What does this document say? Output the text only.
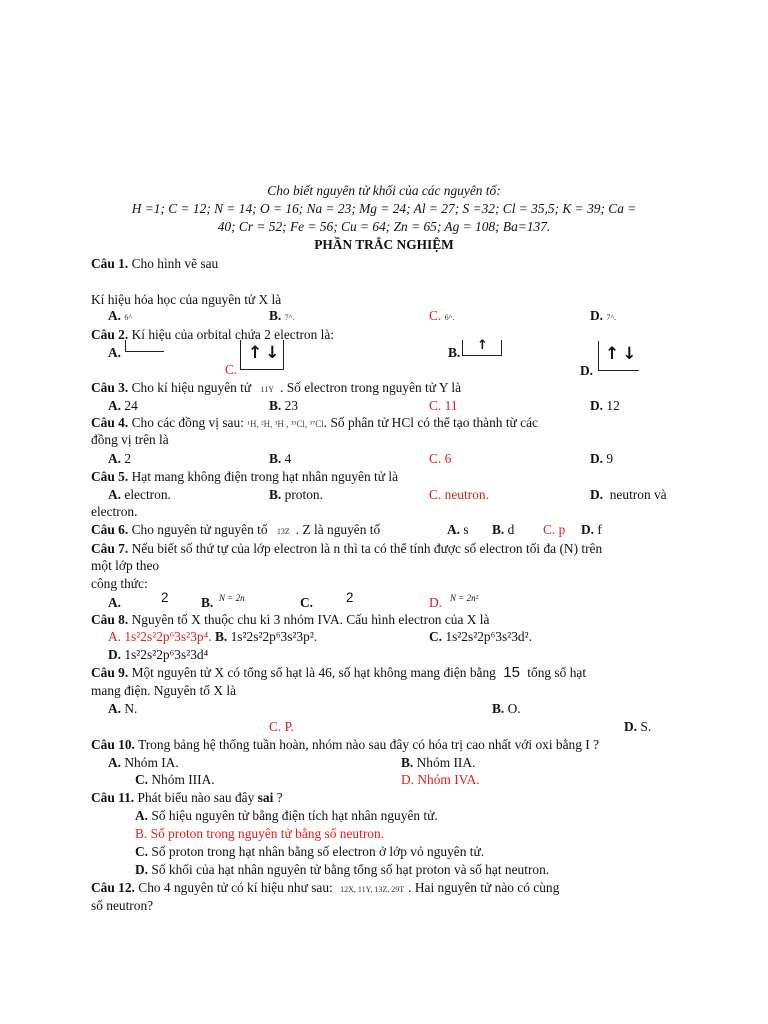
Cho biết nguyên tử khối của các nguyên tố:
H =1; C = 12; N = 14; O = 16; Na = 23; Mg = 24; Al = 27; S =32; Cl = 35,5; K = 39; Ca =
40; Cr = 52; Fe = 56; Cu = 64; Zn = 65; Ag = 108; Ba=137.
PHẦN TRẮC NGHIỆM
Câu 1. Cho hình vẽ sau
Kí hiệu hóa học của nguyên tử X là
A. 6^	B. 7^.	C. 6^.	D. 7^.
Câu 2. Kí hiệu của orbital chứa 2 electron là:
A.
C.
↑↓	B. ↑
D.
↑↓
Câu 3. Cho kí hiệu nguyên tử 11Y . Số electron trong nguyên tử Y là
A. 24	B. 23	C. 11	D. 12
Câu 4. Cho các đồng vị sau: ¹H, ²H, ³H , ³⁵Cl, ³⁷Cl. Số phân tử HCl có thể tạo thành từ các
đồng vị trên là
A. 2	B. 4	C. 6	D. 9
Câu 5. Hạt mang không điện trong hạt nhân nguyên tử là
A. electron.	B. proton.	C. neutron.	D. neutron và
electron.
Câu 6. Cho nguyên tử nguyên tố 13Z . Z là nguyên tố	A. s B. d C. p D. f
Câu 7. Nếu biết số thứ tự của lớp electron là n thì ta có thể tính được số electron tối đa (N) trên
một lớp theo
công thức:
A.	2 B. N = 2n	C. 2	D. N = 2n²
Câu 8. Nguyên tố X thuộc chu kì 3 nhóm IVA. Cấu hình electron của X là
A. 1s²2s²2p⁶3s²3p⁴. B. 1s²2s²2p⁶3s²3p².	C. 1s²2s²2p⁶3s²3d².
D. 1s²2s²2p⁶3s²3d⁴
Câu 9. Một nguyên tử X có tổng số hạt là 46, số hạt không mang điện bằng 15 tổng số hạt
mang điện. Nguyên tố X là
A. N.	B. O.
C. P.	D. S.
Câu 10. Trong bảng hệ thống tuần hoàn, nhóm nào sau đây có hóa trị cao nhất với oxi bằng I ?
A. Nhóm IA.	B. Nhóm IIA.
C. Nhóm IIIA.	D. Nhóm IVA.
Câu 11. Phát biểu nào sau đây sai ?
A. Số hiệu nguyên tử bằng điện tích hạt nhân nguyên tử.
B. Số proton trong nguyên tử bằng số neutron.
C. Số proton trong hạt nhân bằng số electron ở lớp vỏ nguyên tử.
D. Số khối của hạt nhân nguyên tử bằng tổng số hạt proton và số hạt neutron.
Câu 12. Cho 4 nguyên tử có kí hiệu như sau: 12X, 11Y, 13Z, 29T . Hai nguyên tử nào có cùng
số neutron?
